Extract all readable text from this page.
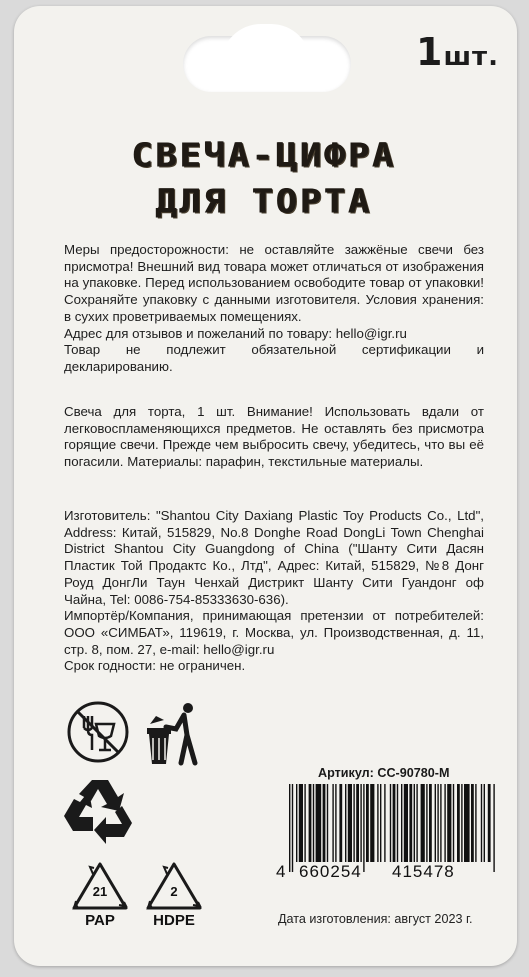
1шт.
СВЕЧА-ЦИФРА
ДЛЯ ТОРТА

Меры предосторожности: не оставляйте зажжёные свечи без присмотра! Внешний вид товара может отличаться от изображения на упаковке. Перед использованием освободите товар от упаковки! Сохраняйте упаковку с данными изготовителя. Условия хранения: в сухих проветриваемых помещениях.

Адрес для отзывов и пожеланий по товару: hello@igr.ru

Товар не подлежит обязательной сертификации и декларированию.

Свеча для торта, 1 шт. Внимание! Использовать вдали от легковоспламеняющихся предметов. Не оставлять без присмотра горящие свечи. Прежде чем выбросить свечу, убедитесь, что вы её погасили. Материалы: парафин, текстильные материалы.

Изготовитель: "Shantou City Daxiang Plastic Toy Products Co., Ltd", Address: Китай, 515829, No.8 Donghe Road DongLi Town Chenghai District Shantou City Guangdong of China ("Шанту Сити Дасян Пластик Той Продактс Ко., Лтд", Адрес: Китай, 515829, №8 Донг Роуд ДонгЛи Таун Ченхай Дистрикт Шанту Сити Гуандонг оф Чайна, Tel: 0086-754-85333630-636).

Импортёр/Компания, принимающая претензии от потребителей: ООО «СИМБАТ», 119619, г. Москва, ул. Производственная, д. 11, стр. 8, пом. 27, e-mail: hello@igr.ru

Срок годности: не ограничен.

21
PAP
2
HDPE
Артикул: CC-90780-M
4 660254 415478
Дата изготовления: август 2023 г.
